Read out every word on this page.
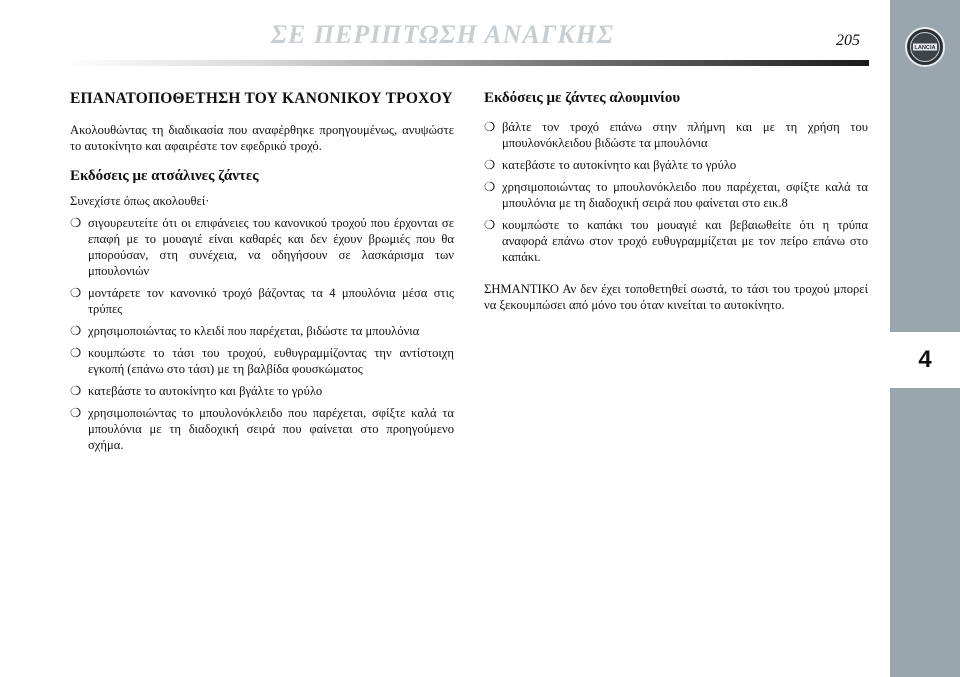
ΣΕ ΠΕΡΙΠΤΩΣΗ ΑΝΑΓΚΗΣ	205	LANCIA
4
ΕΠΑΝΑΤΟΠΟΘΕΤΗΣΗ ΤΟΥ ΚΑΝΟΝΙΚΟΥ ΤΡΟΧΟΥ

Ακολουθώντας τη διαδικασία που αναφέρθηκε προηγουμένως, ανυψώστε το αυτοκίνητο και αφαιρέστε τον εφεδρικό τροχό.

Εκδόσεις με ατσάλινες ζάντες

Συνεχίστε όπως ακολουθεί·

❍ σιγουρευτείτε ότι οι επιφάνειες του κανονικού τροχού που έρχονται σε επαφή με το μουαγιέ είναι καθαρές και δεν έχουν βρωμιές που θα μπορούσαν, στη συνέχεια, να οδηγήσουν σε λασκάρισμα των μπουλονιών
❍ μοντάρετε τον κανονικό τροχό βάζοντας τα 4 μπουλόνια μέσα στις τρύπες
❍ χρησιμοποιώντας το κλειδί που παρέχεται, βιδώστε τα μπουλόνια
❍ κουμπώστε το τάσι του τροχού, ευθυγραμμίζοντας την αντίστοιχη εγκοπή (επάνω στο τάσι) με τη βαλβίδα φουσκώματος
❍ κατεβάστε το αυτοκίνητο και βγάλτε το γρύλο
❍ χρησιμοποιώντας το μπουλονόκλειδο που παρέχεται, σφίξτε καλά τα μπουλόνια με τη διαδοχική σειρά που φαίνεται στο προηγούμενο σχήμα.
Εκδόσεις με ζάντες αλουμινίου
❍ βάλτε τον τροχό επάνω στην πλήμνη και με τη χρήση του μπουλονόκλειδου βιδώστε τα μπουλόνια
❍ κατεβάστε το αυτοκίνητο και βγάλτε το γρύλο
❍ χρησιμοποιώντας το μπουλονόκλειδο που παρέχεται, σφίξτε καλά τα μπουλόνια με τη διαδοχική σειρά που φαίνεται στο εικ.8
❍ κουμπώστε το καπάκι του μουαγιέ και βεβαιωθείτε ότι η τρύπα αναφορά επάνω στον τροχό ευθυγραμμίζεται με τον πείρο επάνω στο καπάκι.

ΣΗΜΑΝΤΙΚΟ Αν δεν έχει τοποθετηθεί σωστά, το τάσι του τροχού μπορεί να ξεκουμπώσει από μόνο του όταν κινείται το αυτοκίνητο.
